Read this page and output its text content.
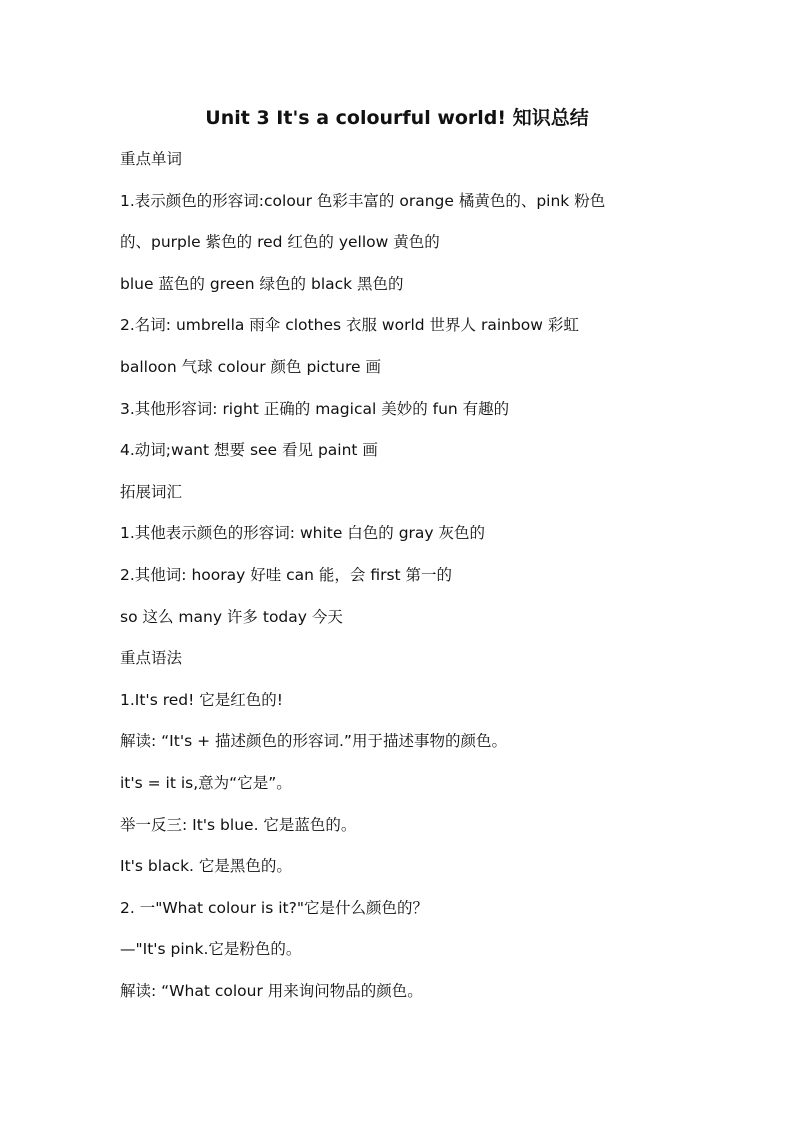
Unit 3 It's a colourful world! 知识总结
重点单词
1.表示颜色的形容词:colour 色彩丰富的 orange 橘黄色的、pink 粉色
的、purple 紫色的 red 红色的 yellow 黄色的
blue 蓝色的 green 绿色的 black 黑色的
2.名词: umbrella 雨伞 clothes 衣服 world 世界人 rainbow 彩虹
balloon 气球 colour 颜色 picture 画
3.其他形容词: right 正确的 magical 美妙的 fun 有趣的
4.动词;want 想要 see 看见 paint 画
拓展词汇
1.其他表示颜色的形容词: white 白色的 gray 灰色的
2.其他词: hooray 好哇 can 能，会 first 第一的
so 这么 many 许多 today 今天
重点语法
1.It's red! 它是红色的!
解读: “It's + 描述颜色的形容词.”用于描述事物的颜色。
it's = it is,意为“它是”。
举一反三: It's blue. 它是蓝色的。
It's black. 它是黑色的。
2. 一"What colour is it?"它是什么颜色的？
—"It's pink.它是粉色的。
解读: “What colour 用来询问物品的颜色。
